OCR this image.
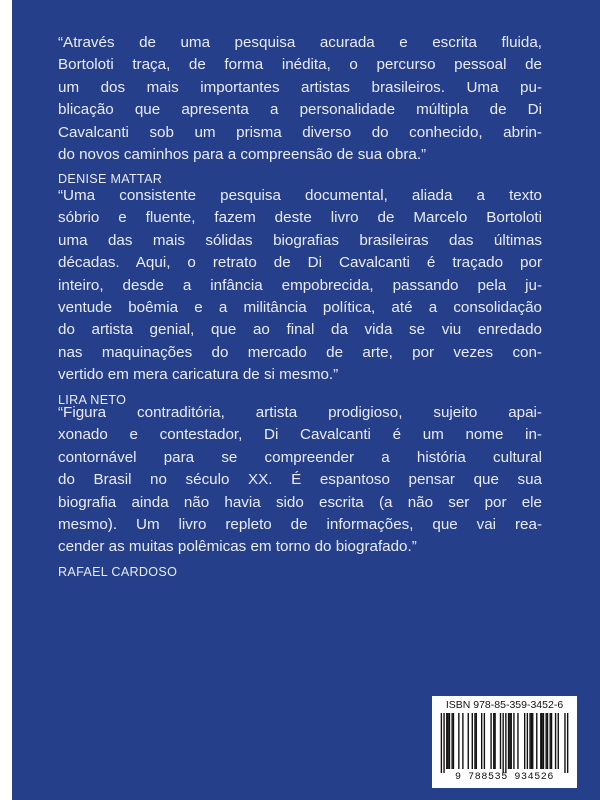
“Através de uma pesquisa acurada e escrita fluida,
Bortoloti traça, de forma inédita, o percurso pessoal de
um dos mais importantes artistas brasileiros. Uma pu-
blicação que apresenta a personalidade múltipla de Di
Cavalcanti sob um prisma diverso do conhecido, abrin-
do novos caminhos para a compreensão de sua obra.”
DENISE MATTAR
“Uma consistente pesquisa documental, aliada a texto
sóbrio e fluente, fazem deste livro de Marcelo Bortoloti
uma das mais sólidas biografias brasileiras das últimas
décadas. Aqui, o retrato de Di Cavalcanti é traçado por
inteiro, desde a infância empobrecida, passando pela ju-
ventude boêmia e a militância política, até a consolidação
do artista genial, que ao final da vida se viu enredado
nas maquinações do mercado de arte, por vezes con-
vertido em mera caricatura de si mesmo.”
LIRA NETO
“Figura contraditória, artista prodigioso, sujeito apai-
xonado e contestador, Di Cavalcanti é um nome in-
contornável para se compreender a história cultural
do Brasil no século XX. É espantoso pensar que sua
biografia ainda não havia sido escrita (a não ser por ele
mesmo). Um livro repleto de informações, que vai rea-
cender as muitas polêmicas em torno do biografado.”
RAFAEL CARDOSO
ISBN 978-85-359-3452-6
9 788535 934526
